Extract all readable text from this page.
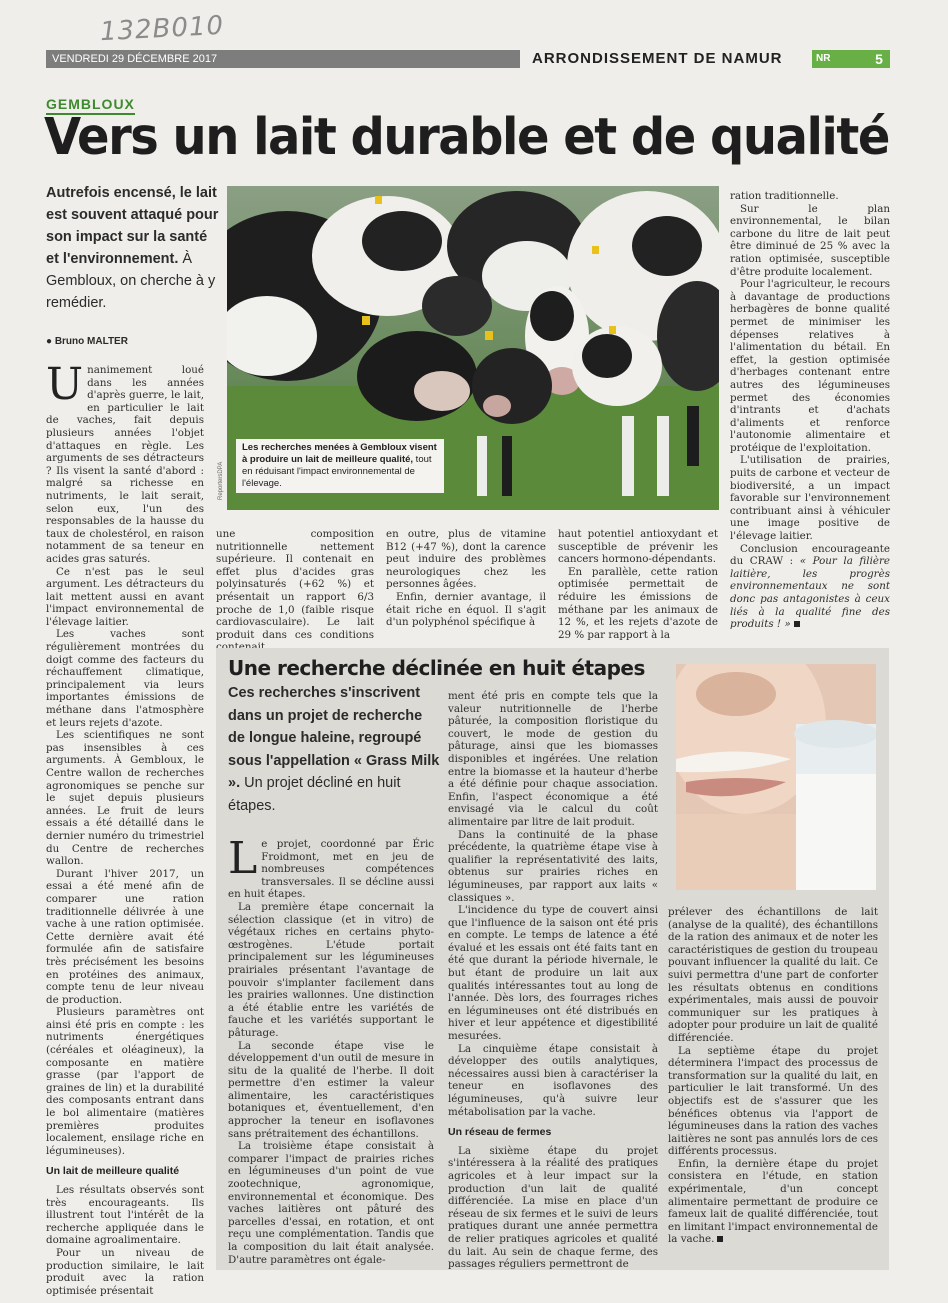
132B010
VENDREDI 29 DÉCEMBRE 2017	ARRONDISSEMENT DE NAMUR	NR	5
GEMBLOUX
Vers un lait durable et de qualité
Autrefois encensé, le lait est souvent attaqué pour son impact sur la santé et l'environnement. À Gembloux, on cherche à y remédier.
● Bruno MALTER
Les recherches menées à Gembloux visent à produire un lait de meilleure qualité, tout en réduisant l'impact environnemental de l'élevage.
ReportersDPA

Unanimement loué dans les années d'après guerre, le lait, en particulier le lait de vaches, fait depuis plusieurs années l'objet d'attaques en règle. Les arguments de ses détracteurs ? Ils visent la santé d'abord : malgré sa richesse en nutriments, le lait serait, selon eux, l'un des responsables de la hausse du taux de cholestérol, en raison notamment de sa teneur en acides gras saturés.

Ce n'est pas le seul argument. Les détracteurs du lait mettent aussi en avant l'impact environnemental de l'élevage laitier.

Les vaches sont régulièrement montrées du doigt comme des facteurs du réchauffement climatique, principalement via leurs importantes émissions de méthane dans l'atmosphère et leurs rejets d'azote.

Les scientifiques ne sont pas insensibles à ces arguments. À Gembloux, le Centre wallon de recherches agronomiques se penche sur le sujet depuis plusieurs années. Le fruit de leurs essais a été détaillé dans le dernier numéro du trimestriel du Centre de recherches wallon.

Durant l'hiver 2017, un essai a été mené afin de comparer une ration traditionnelle délivrée à une vache à une ration optimisée. Cette dernière avait été formulée afin de satisfaire très précisément les besoins en protéines des animaux, compte tenu de leur niveau de production.

Plusieurs paramètres ont ainsi été pris en compte : les nutriments énergétiques (céréales et oléagineux), la composante en matière grasse (par l'apport de graines de lin) et la durabilité des composants entrant dans le bol alimentaire (matières premières produites localement, ensilage riche en légumineuses).

Un lait de meilleure qualité

Les résultats observés sont très encourageants. Ils illustrent tout l'intérêt de la recherche appliquée dans le domaine agroalimentaire.

Pour un niveau de production similaire, le lait produit avec la ration optimisée présentait

une composition nutritionnelle nettement supérieure. Il contenait en effet plus d'acides gras polyinsaturés (+62 %) et présentait un rapport 6/3 proche de 1,0 (faible risque cardiovasculaire). Le lait produit dans ces conditions

en outre, plus de vitamine B12 (+47 %), dont la carence peut induire des problèmes neurologiques chez les personnes âgées.

Enfin, dernier avantage, il était riche en équol. Il s'agit d'un polyphénol spécifique à

haut potentiel antioxydant et susceptible de prévenir les cancers hormono-dépendants.

En parallèle, cette ration optimisée permettait de réduire les émissions de méthane par les animaux de 12 %, et les rejets d'azote de 29 % par rapport à la

ration traditionnelle.

Sur le plan environnemental, le bilan carbone du litre de lait peut être diminué de 25 % avec la ration optimisée, susceptible d'être produite localement.

Pour l'agriculteur, le recours à davantage de productions herbagères de bonne qualité permet de minimiser les dépenses relatives à l'alimentation du bétail. En effet, la gestion optimisée d'herbages contenant entre autres des légumineuses permet des économies d'intrants et d'achats d'aliments et renforce l'autonomie alimentaire et protéique de l'exploitation.

L'utilisation de prairies, puits de carbone et vecteur de biodiversité, a un impact favorable sur l'environnement contribuant ainsi à véhiculer une image positive de l'élevage laitier.

Conclusion encourageante du CRAW : « Pour la filière laitière, les progrès environnementaux ne sont donc pas antagonistes à ceux liés à la qualité fine des produits ! »

Une recherche déclinée en huit étapes
Ces recherches s'inscrivent dans un projet de recherche de longue haleine, regroupé sous l'appellation « Grass Milk ». Un projet décliné en huit étapes.

Le projet, coordonné par Éric Froidmont, met en jeu de nombreuses compétences transversales. Il se décline aussi en huit étapes.

La première étape concernait la sélection classique (et in vitro) de végétaux riches en certains phyto-œstrogènes. L'étude portait principalement sur les légumineuses prairiales présentant l'avantage de pouvoir s'implanter facilement dans les prairies wallonnes. Une distinction a été établie entre les variétés de fauche et les variétés supportant le pâturage.

La seconde étape vise le développement d'un outil de mesure in situ de la qualité de l'herbe. Il doit permettre d'en estimer la valeur alimentaire, les caractéristiques botaniques et, éventuellement, d'en approcher la teneur en isoflavones sans prétraitement des échantillons.

La troisième étape consistait à comparer l'impact de prairies riches en légumineuses d'un point de vue zootechnique, agronomique, environnemental et économique. Des vaches laitières ont pâturé des parcelles d'essai, en rotation, et ont reçu une complémentation. Tandis que la composition du lait était analysée. D'autre paramètres ont égale-

ment été pris en compte tels que la valeur nutritionnelle de l'herbe pâturée, la composition floristique du couvert, le mode de gestion du pâturage, ainsi que les biomasses disponibles et ingérées. Une relation entre la biomasse et la hauteur d'herbe a été définie pour chaque association. Enfin, l'aspect économique a été envisagé via le calcul du coût alimentaire par litre de lait produit.

Dans la continuité de la phase précédente, la quatrième étape vise à qualifier la représentativité des laits, obtenus sur prairies riches en légumineuses, par rapport aux laits « classiques ».

L'incidence du type de couvert ainsi que l'influence de la saison ont été pris en compte. Le temps de latence a été évalué et les essais ont été faits tant en été que durant la période hivernale, le but étant de produire un lait aux qualités intéressantes tout au long de l'année. Dès lors, des fourrages riches en légumineuses ont été distribués en hiver et leur appétence et digestibilité mesurées.

La cinquième étape consistait à développer des outils analytiques, nécessaires aussi bien à caractériser la teneur en isoflavones des légumineuses, qu'à suivre leur métabolisation par la vache.

Un réseau de fermes

La sixième étape du projet s'intéressera à la réalité des pratiques agricoles et à leur impact sur la production d'un lait de qualité différenciée. La mise en place d'un réseau de six fermes et le suivi de leurs pratiques durant une année permettra de relier pratiques agricoles et qualité du lait. Au sein de chaque ferme, des passages réguliers permettront de

prélever des échantillons de lait (analyse de la qualité), des échantillons de la ration des animaux et de noter les caractéristiques de gestion du troupeau pouvant influencer la qualité du lait. Ce suivi permettra d'une part de conforter les résultats obtenus en conditions expérimentales, mais aussi de pouvoir communiquer sur les pratiques à adopter pour produire un lait de qualité différenciée.

La septième étape du projet déterminera l'impact des processus de transformation sur la qualité du lait, en particulier le lait transformé. Un des objectifs est de s'assurer que les bénéfices obtenus via l'apport de légumineuses dans la ration des vaches laitières ne sont pas annulés lors de ces différents processus.

Enfin, la dernière étape du projet consistera en l'étude, en station expérimentale, d'un concept alimentaire permettant de produire ce fameux lait de qualité différenciée, tout en limitant l'impact environnemental de la vache.
